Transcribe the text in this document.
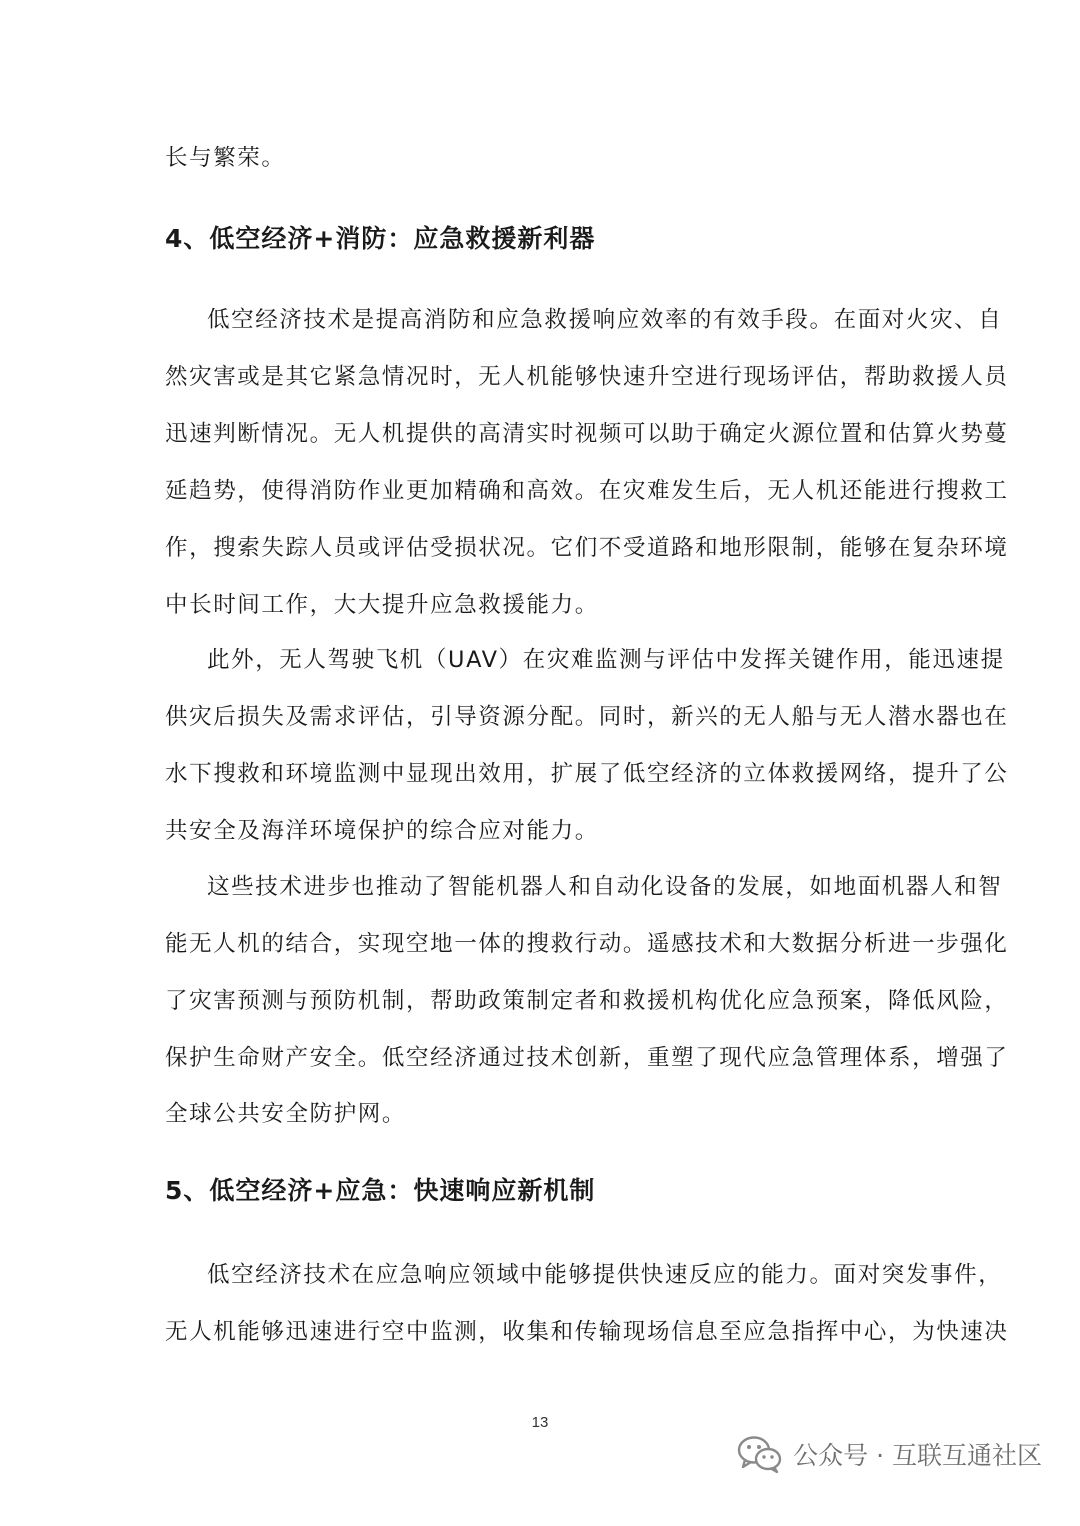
长与繁荣。
4、低空经济+消防：应急救援新利器
低空经济技术是提高消防和应急救援响应效率的有效手段。在面对火灾、自
然灾害或是其它紧急情况时，无人机能够快速升空进行现场评估，帮助救援人员
迅速判断情况。无人机提供的高清实时视频可以助于确定火源位置和估算火势蔓
延趋势，使得消防作业更加精确和高效。在灾难发生后，无人机还能进行搜救工
作，搜索失踪人员或评估受损状况。它们不受道路和地形限制，能够在复杂环境
中长时间工作，大大提升应急救援能力。
此外，无人驾驶飞机（UAV）在灾难监测与评估中发挥关键作用，能迅速提
供灾后损失及需求评估，引导资源分配。同时，新兴的无人船与无人潜水器也在
水下搜救和环境监测中显现出效用，扩展了低空经济的立体救援网络，提升了公
共安全及海洋环境保护的综合应对能力。
这些技术进步也推动了智能机器人和自动化设备的发展，如地面机器人和智
能无人机的结合，实现空地一体的搜救行动。遥感技术和大数据分析进一步强化
了灾害预测与预防机制，帮助政策制定者和救援机构优化应急预案，降低风险，
保护生命财产安全。低空经济通过技术创新，重塑了现代应急管理体系，增强了
全球公共安全防护网。
5、低空经济+应急：快速响应新机制
低空经济技术在应急响应领域中能够提供快速反应的能力。面对突发事件，
无人机能够迅速进行空中监测，收集和传输现场信息至应急指挥中心，为快速决
13
公众号 · 互联互通社区
